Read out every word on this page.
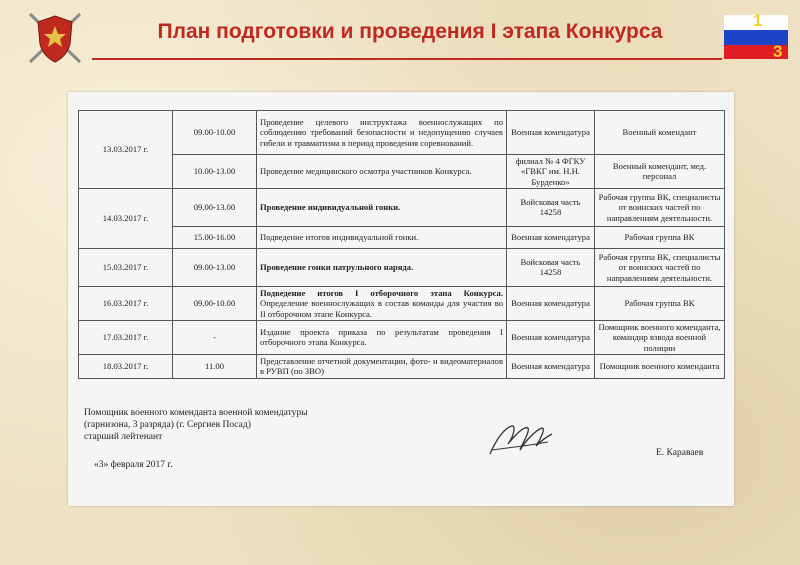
План подготовки и проведения I этапа Конкурса	1
3
13.03.2017 г.	09.00-10.00	Проведение целевого инструктажа военнослужащих по соблюдению требований безопасности и недопущению случаев гибели и травматизма в период проведения соревнований.	Военная комендатура	Военный комендант
	10.00-13.00	Проведение медицинского осмотра участников Конкурса.	филиал № 4 ФГКУ «ГВКГ им. Н.Н. Бурденко»	Военный комендант, мед. персонал
14.03.2017 г.	09.00-13.00	Проведение индивидуальной гонки.	Войсковая часть 14258	Рабочая группа ВК, специалисты от воинских частей по направлениям деятельности.
	15.00-16.00	Подведение итогов индивидуальной гонки.	Военная комендатура	Рабочая группа ВК
15.03.2017 г.	09.00-13.00	Проведение гонки патрульного наряда.	Войсковая часть 14258	Рабочая группа ВК, специалисты от воинских частей по направлениям деятельности.
16.03.2017 г.	09.00-10.00	Подведение итогов I отборочного этапа Конкурса. Определение военнослужащих в состав команды для участия во II отборочном этапе Конкурса.	Военная комендатура	Рабочая группа ВК
17.03.2017 г.	-	Издание проекта приказа по результатам проведения I отборочного этапа Конкурса.	Военная комендатура	Помощник военного коменданта, командир взвода военной полиции
18.03.2017 г.	11.00	Представление отчетной документации, фото- и видеоматериалов в РУВП (по ЗВО)	Военная комендатура	Помощник военного коменданта
Помощник военного коменданта военной комендатуры
(гарнизона, 3 разряда) (г. Сергиев Посад)
старший лейтенант
«3» февраля 2017 г.
Е. Караваев
